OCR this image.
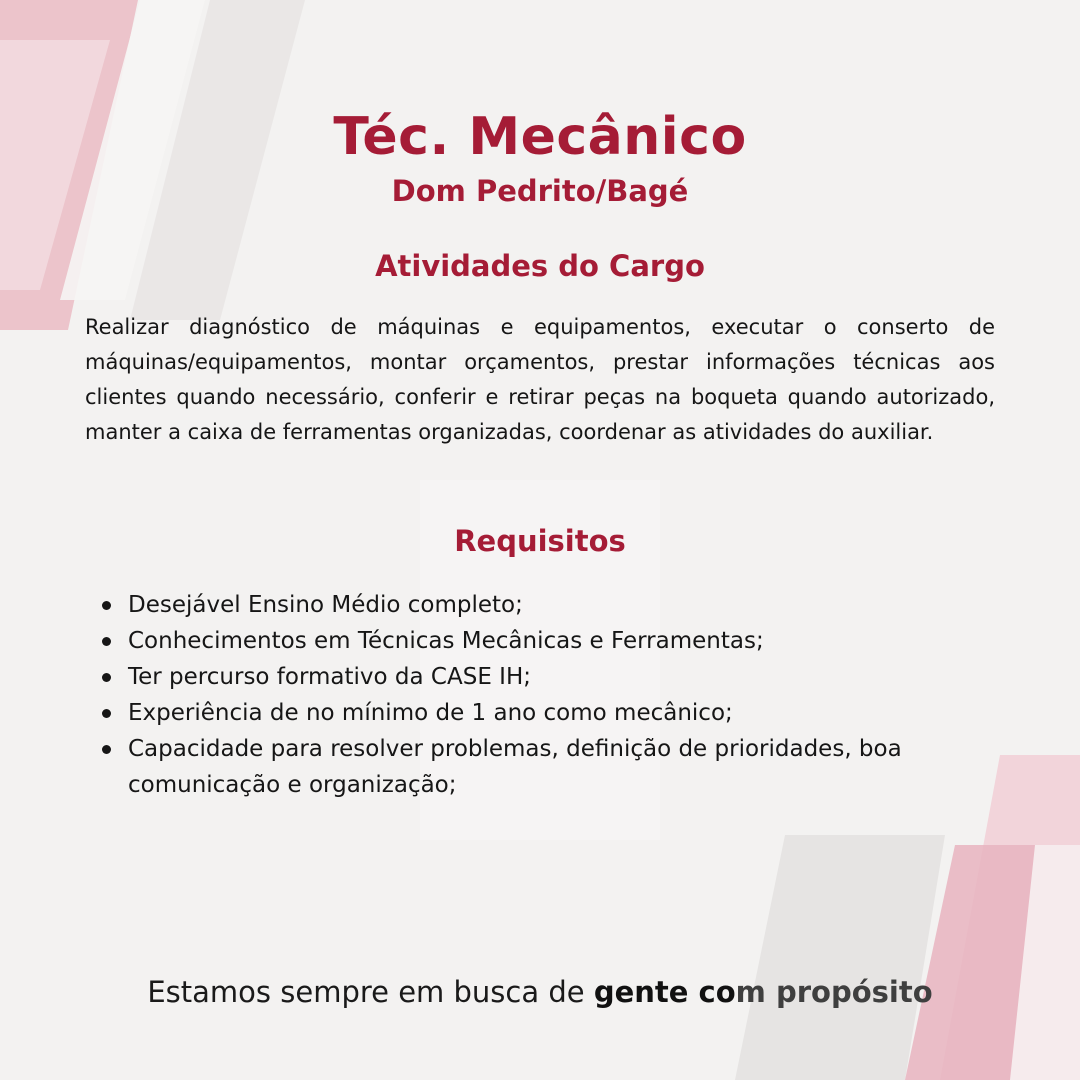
Téc. Mecânico
Dom Pedrito/Bagé
Atividades do Cargo

Realizar diagnóstico de máquinas e equipamentos, executar o conserto de máquinas/equipamentos, montar orçamentos, prestar informações técnicas aos clientes quando necessário, conferir e retirar peças na boqueta quando autorizado, manter a caixa de ferramentas organizadas, coordenar as atividades do auxiliar.

Requisitos
Desejável Ensino Médio completo;
Conhecimentos em Técnicas Mecânicas e Ferramentas;
Ter percurso formativo da CASE IH;
Experiência de no mínimo de 1 ano como mecânico;
Capacidade para resolver problemas, definição de prioridades, boa comunicação e organização;

Estamos sempre em busca de gente com propósito
